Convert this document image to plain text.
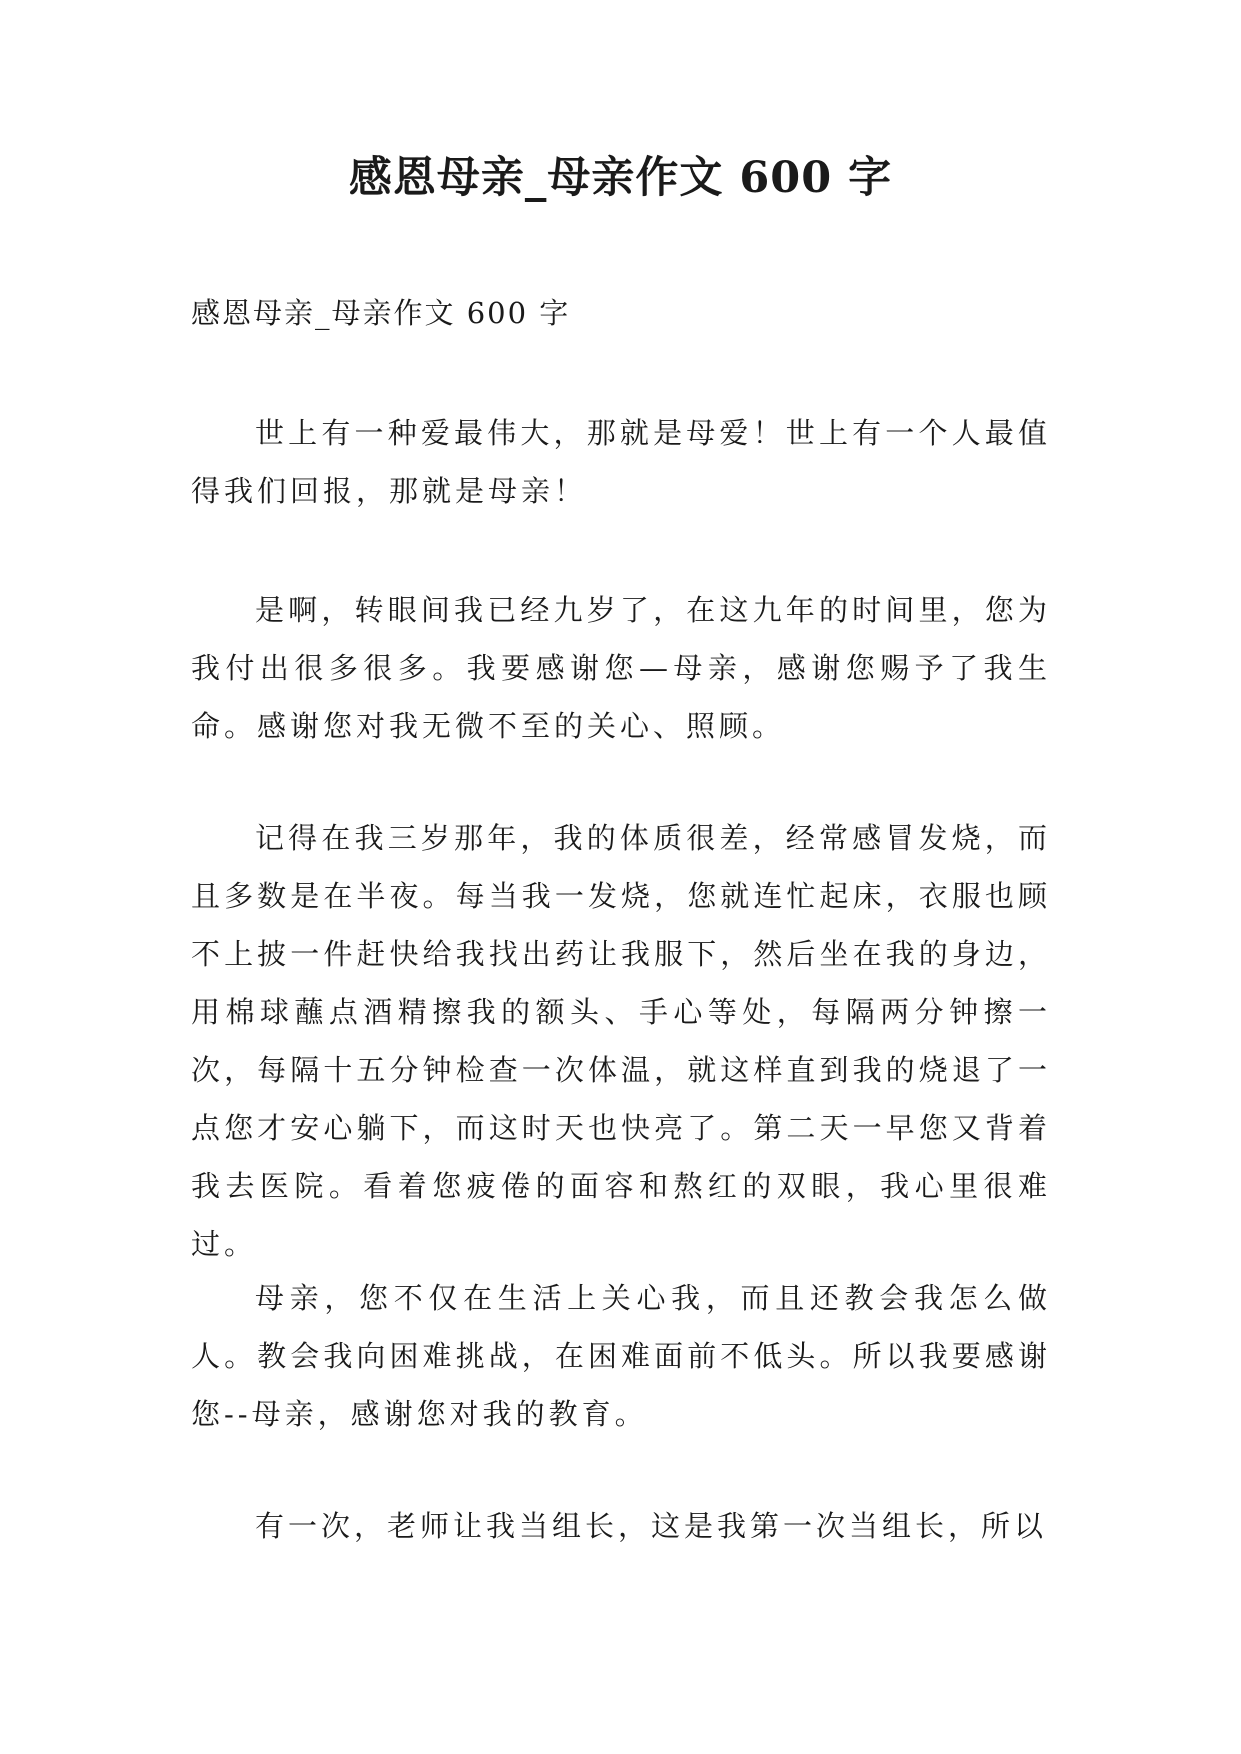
感恩母亲_母亲作文 600 字
感恩母亲_母亲作文 600 字

世上有一种爱最伟大，那就是母爱！世上有一个人最值得我们回报，那就是母亲！

是啊，转眼间我已经九岁了，在这九年的时间里，您为我付出很多很多。我要感谢您—母亲，感谢您赐予了我生命。感谢您对我无微不至的关心、照顾。

记得在我三岁那年，我的体质很差，经常感冒发烧，而且多数是在半夜。每当我一发烧，您就连忙起床，衣服也顾不上披一件赶快给我找出药让我服下，然后坐在我的身边，用棉球蘸点酒精擦我的额头、手心等处，每隔两分钟擦一次，每隔十五分钟检查一次体温，就这样直到我的烧退了一点您才安心躺下，而这时天也快亮了。第二天一早您又背着我去医院。看着您疲倦的面容和熬红的双眼，我心里很难过。

母亲，您不仅在生活上关心我，而且还教会我怎么做人。教会我向困难挑战，在困难面前不低头。所以我要感谢您--母亲，感谢您对我的教育。

有一次，老师让我当组长，这是我第一次当组长，所以
